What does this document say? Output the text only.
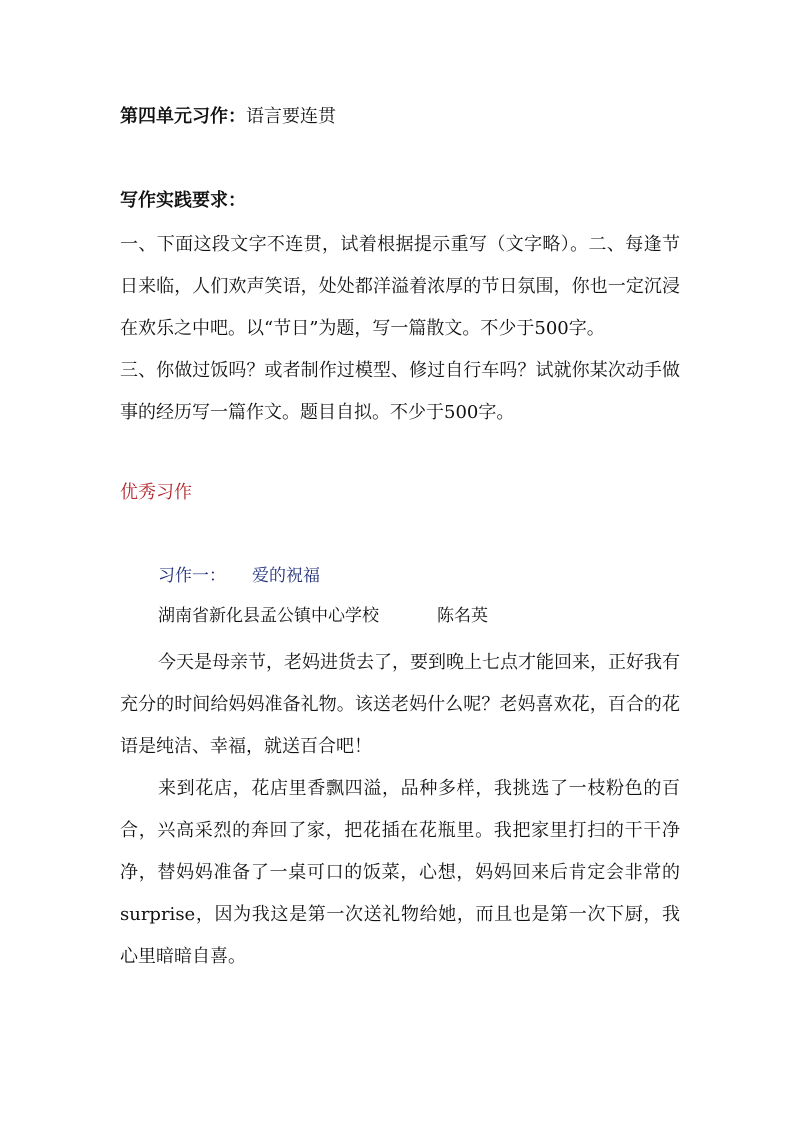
第四单元习作：语言要连贯
写作实践要求：

一、下面这段文字不连贯，试着根据提示重写（文字略）。二、每逢节日来临，人们欢声笑语，处处都洋溢着浓厚的节日氛围，你也一定沉浸在欢乐之中吧。以“节日”为题，写一篇散文。不少于500字。

三、你做过饭吗？或者制作过模型、修过自行车吗？试就你某次动手做事的经历写一篇作文。题目自拟。不少于500字。

优秀习作
习作一： 爱的祝福
湖南省新化县孟公镇中心学校	陈名英

今天是母亲节，老妈进货去了，要到晚上七点才能回来，正好我有充分的时间给妈妈准备礼物。该送老妈什么呢？老妈喜欢花，百合的花语是纯洁、幸福，就送百合吧！

来到花店，花店里香飘四溢，品种多样，我挑选了一枝粉色的百合，兴高采烈的奔回了家，把花插在花瓶里。我把家里打扫的干干净净，替妈妈准备了一桌可口的饭菜，心想，妈妈回来后肯定会非常的surprise，因为我这是第一次送礼物给她，而且也是第一次下厨，我心里暗暗自喜。
